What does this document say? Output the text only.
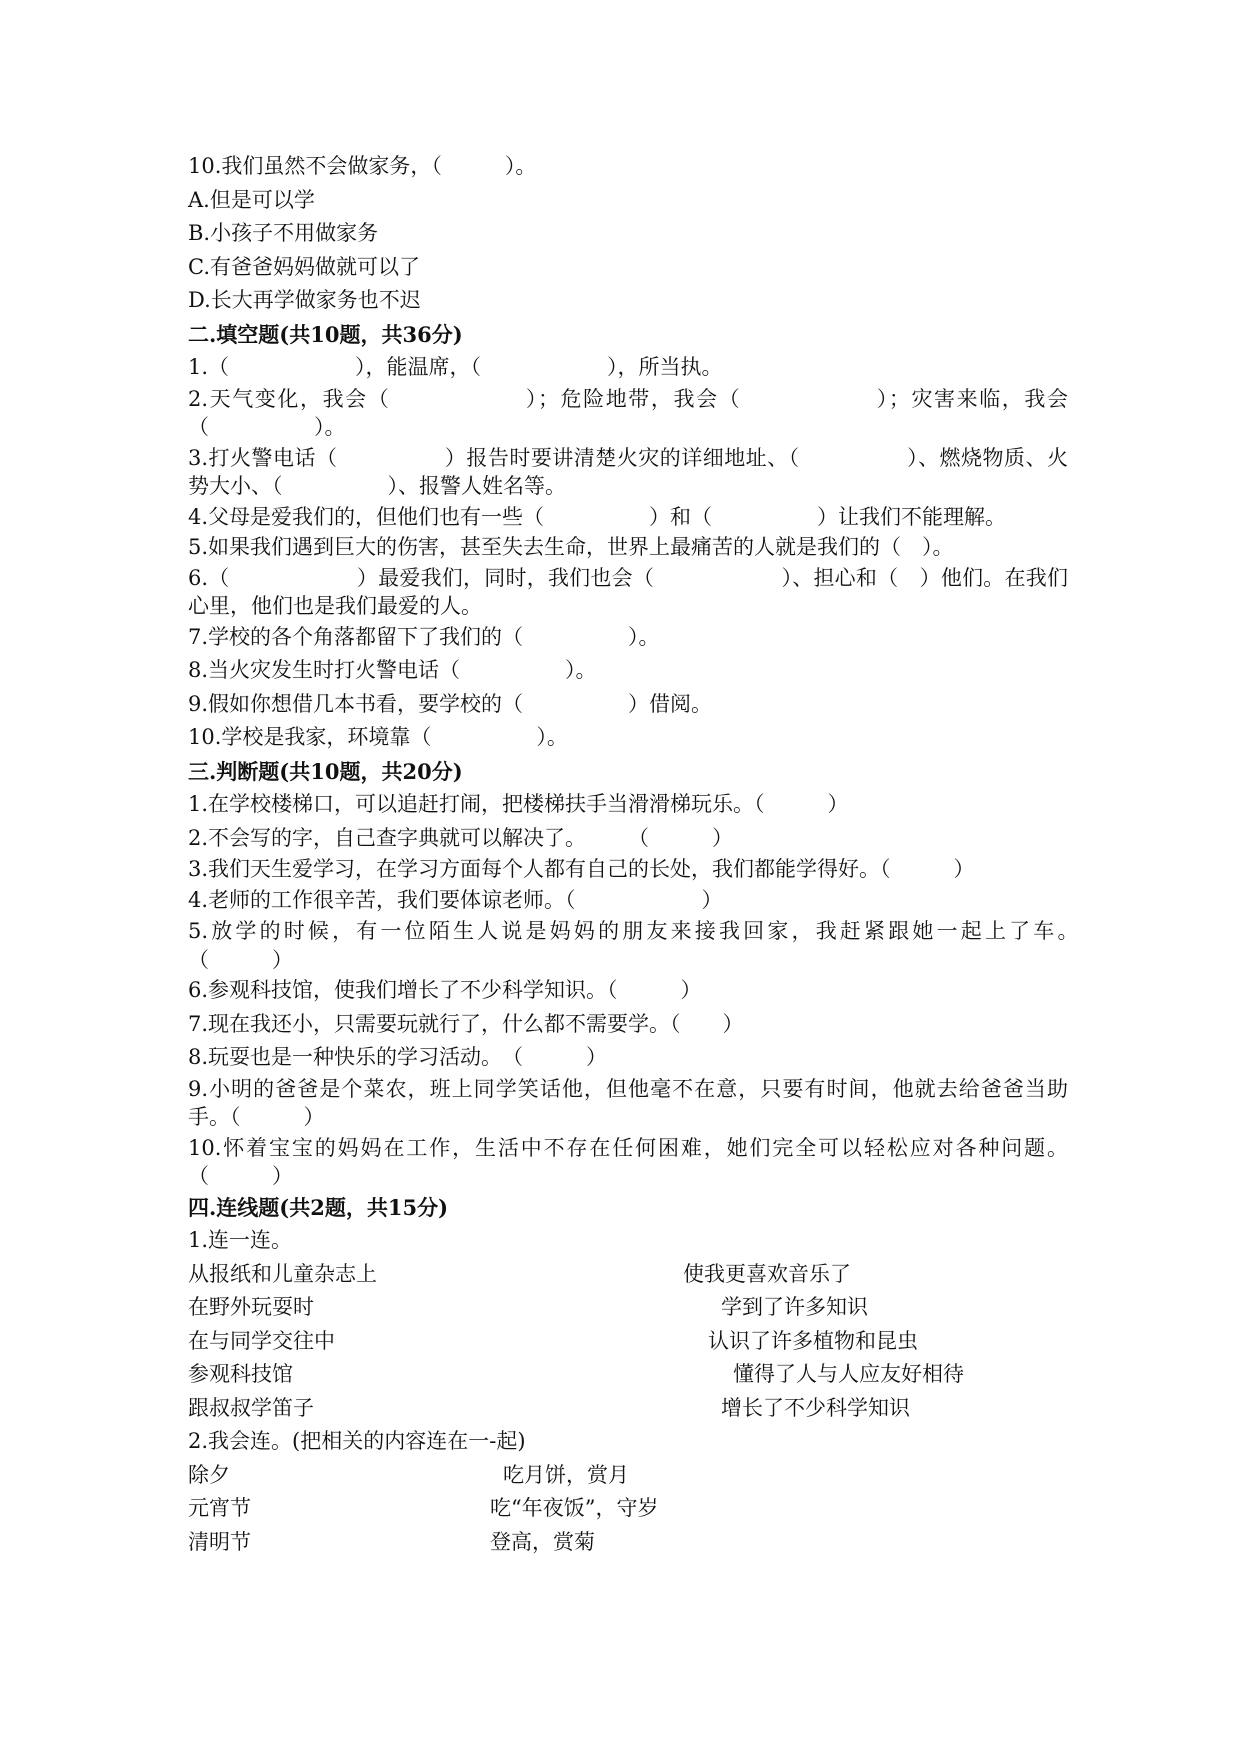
10.我们虽然不会做家务，（　　　）。
A.但是可以学
B.小孩子不用做家务
C.有爸爸妈妈做就可以了
D.长大再学做家务也不迟
二.填空题(共10题，共36分)
1.（　　　　　　），能温席，（　　　　　　），所当执。
2.天气变化，我会（　　　　　　）；危险地带，我会（　　　　　　）；灾害来临，我会（　　　　　）。
3.打火警电话（　　　　　）报告时要讲清楚火灾的详细地址、（　　　　　）、燃烧物质、火势大小、（　　　　　）、报警人姓名等。
4.父母是爱我们的，但他们也有一些（　　　　　）和（　　　　　）让我们不能理解。
5.如果我们遇到巨大的伤害，甚至失去生命，世界上最痛苦的人就是我们的（　）。
6.（　　　　　　）最爱我们，同时，我们也会（　　　　　　）、担心和（　）他们。在我们心里，他们也是我们最爱的人。
7.学校的各个角落都留下了我们的（　　　　　）。
8.当火灾发生时打火警电话（　　　　　）。
9.假如你想借几本书看，要学校的（　　　　　）借阅。
10.学校是我家，环境靠（　　　　　）。
三.判断题(共10题，共20分)
1.在学校楼梯口，可以追赶打闹，把楼梯扶手当滑滑梯玩乐。（　　　）
2.不会写的字，自己查字典就可以解决了。　　　（　　　）
3.我们天生爱学习，在学习方面每个人都有自己的长处，我们都能学得好。（　　　）
4.老师的工作很辛苦，我们要体谅老师。（　　　　　　）
5.放学的时候，有一位陌生人说是妈妈的朋友来接我回家，我赶紧跟她一起上了车。　　（　　　）
6.参观科技馆，使我们增长了不少科学知识。（　　　）
7.现在我还小，只需要玩就行了，什么都不需要学。（　　）
8.玩耍也是一种快乐的学习活动。　（　　　）
9.小明的爸爸是个菜农，班上同学笑话他，但他毫不在意，只要有时间，他就去给爸爸当助手。（　　　）
10.怀着宝宝的妈妈在工作，生活中不存在任何困难，她们完全可以轻松应对各种问题。（　　　）
四.连线题(共2题，共15分)
1.连一连。
从报纸和儿童杂志上	使我更喜欢音乐了
在野外玩耍时	学到了许多知识
在与同学交往中	认识了许多植物和昆虫
参观科技馆	懂得了人与人应友好相待
跟叔叔学笛子	增长了不少科学知识
2.我会连。(把相关的内容连在一-起)
除夕	吃月饼，赏月
元宵节	吃“年夜饭”，守岁
清明节	登高，赏菊
